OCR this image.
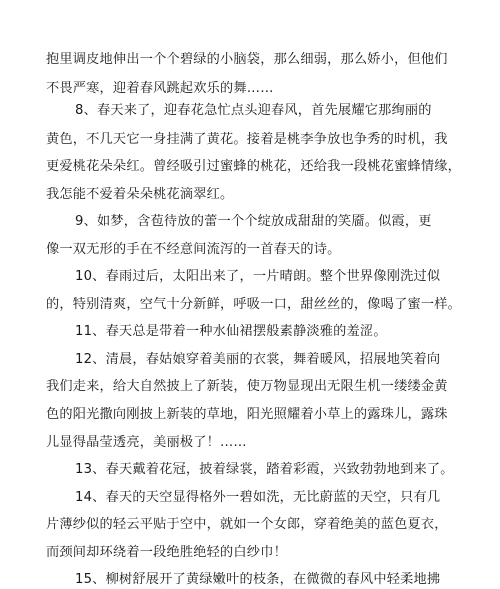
抱里调皮地伸出一个个碧绿的小脑袋，那么细弱，那么娇小，但他们
不畏严寒，迎着春风跳起欢乐的舞……
8、春天来了，迎春花急忙点头迎春风，首先展耀它那绚丽的
黄色，不几天它一身挂满了黄花。接着是桃李争放也争秀的时机，我
更爱桃花朵朵红。曾经吸引过蜜蜂的桃花，还给我一段桃花蜜蜂情缘，
我怎能不爱着朵朵桃花滴翠红。
9、如梦，含苞待放的蕾一个个绽放成甜甜的笑靥。似霞，更
像一双无形的手在不经意间流泻的一首春天的诗。
10、春雨过后，太阳出来了，一片晴朗。整个世界像刚洗过似
的，特别清爽，空气十分新鲜，呼吸一口，甜丝丝的，像喝了蜜一样。
11、春天总是带着一种水仙裙摆般素静淡雅的羞涩。
12、清晨，春姑娘穿着美丽的衣裳，舞着暖风，招展地笑着向
我们走来，给大自然披上了新装，使万物显现出无限生机一缕缕金黄
色的阳光撒向刚披上新装的草地，阳光照耀着小草上的露珠儿，露珠
儿显得晶莹透亮，美丽极了！……
13、春天戴着花冠，披着绿裳，踏着彩霞，兴致勃勃地到来了。
14、春天的天空显得格外一碧如洗，无比蔚蓝的天空，只有几
片薄纱似的轻云平贴于空中，就如一个女郎，穿着绝美的蓝色夏衣，
而颈间却环绕着一段绝胜绝轻的白纱巾！
15、柳树舒展开了黄绿嫩叶的枝条，在微微的春风中轻柔地拂
